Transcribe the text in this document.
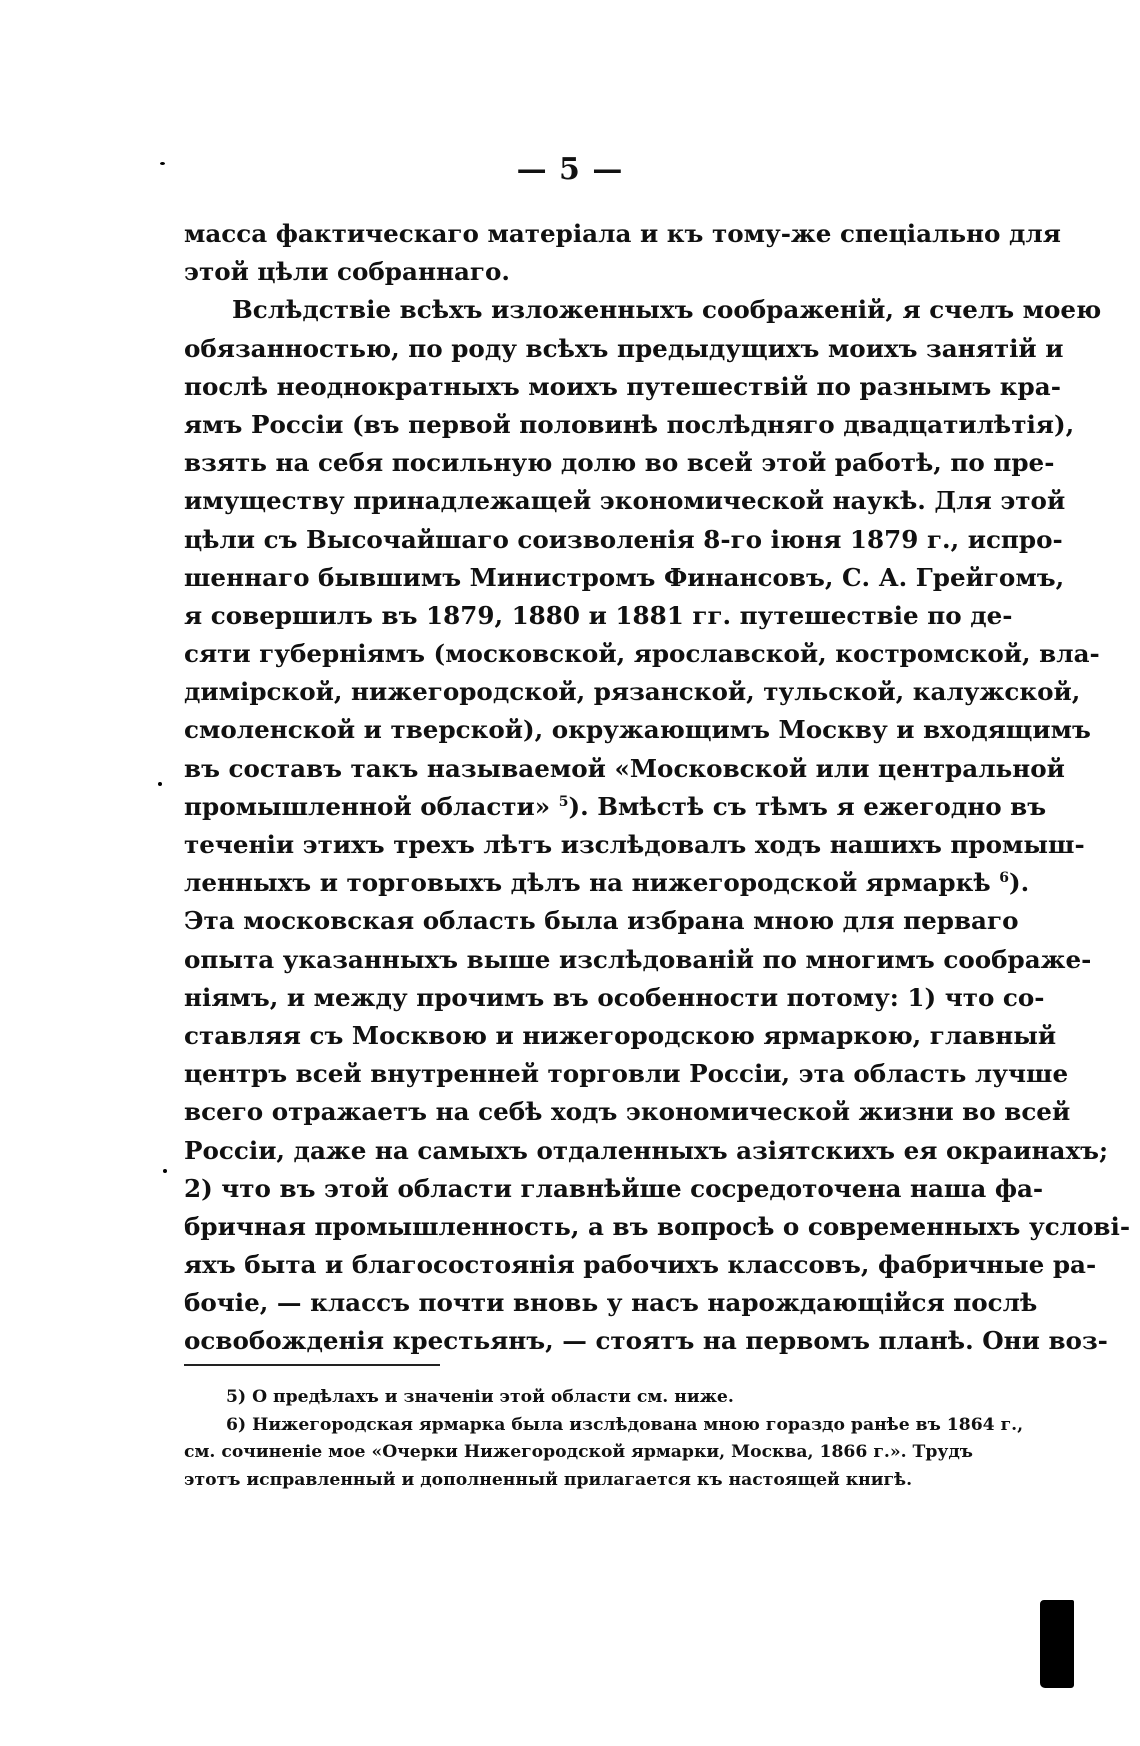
— 5 —
масса фактическаго матеріала и къ тому-же спеціально для
этой цѣли собраннаго.
Вслѣдствіе всѣхъ изложенныхъ соображеній, я счелъ моею
обязанностью, по роду всѣхъ предыдущихъ моихъ занятій и
послѣ неоднократныхъ моихъ путешествій по разнымъ кра-
ямъ Россіи (въ первой половинѣ послѣдняго двадцатилѣтія),
взять на себя посильную долю во всей этой работѣ, по пре-
имуществу принадлежащей экономической наукѣ. Для этой
цѣли съ Высочайшаго соизволенія 8-го іюня 1879 г., испро-
шеннаго бывшимъ Министромъ Финансовъ, С. А. Грейгомъ,
я совершилъ въ 1879, 1880 и 1881 гг. путешествіе по де-
сяти губерніямъ (московской, ярославской, костромской, вла-
димірской, нижегородской, рязанской, тульской, калужской,
смоленской и тверской), окружающимъ Москву и входящимъ
въ составъ такъ называемой «Московской или центральной
промышленной области» $^5$). Вмѣстѣ съ тѣмъ я ежегодно въ
теченіи этихъ трехъ лѣтъ изслѣдовалъ ходъ нашихъ промыш-
ленныхъ и торговыхъ дѣлъ на нижегородской ярмаркѣ $^6$).
Эта московская область была избрана мною для перваго
опыта указанныхъ выше изслѣдованій по многимъ соображе-
ніямъ, и между прочимъ въ особенности потому: 1) что со-
ставляя съ Москвою и нижегородскою ярмаркою, главный
центръ всей внутренней торговли Россіи, эта область лучше
всего отражаетъ на себѣ ходъ экономической жизни во всей
Россіи, даже на самыхъ отдаленныхъ азіятскихъ ея окраинахъ;
2) что въ этой области главнѣйше сосредоточена наша фа-
бричная промышленность, а въ вопросѣ о современныхъ услові-
яхъ быта и благосостоянія рабочихъ классовъ, фабричные ра-
бочіе, — классъ почти вновь у насъ нарождающійся послѣ
освобожденія крестьянъ, — стоятъ на первомъ планѣ. Они воз-
5) О предѣлахъ и значеніи этой области см. ниже.
6) Нижегородская ярмарка была изслѣдована мною гораздо ранѣе въ 1864 г.,
см. сочиненіе мое «Очерки Нижегородской ярмарки, Москва, 1866 г.». Трудъ
этотъ исправленный и дополненный прилагается къ настоящей книгѣ.
